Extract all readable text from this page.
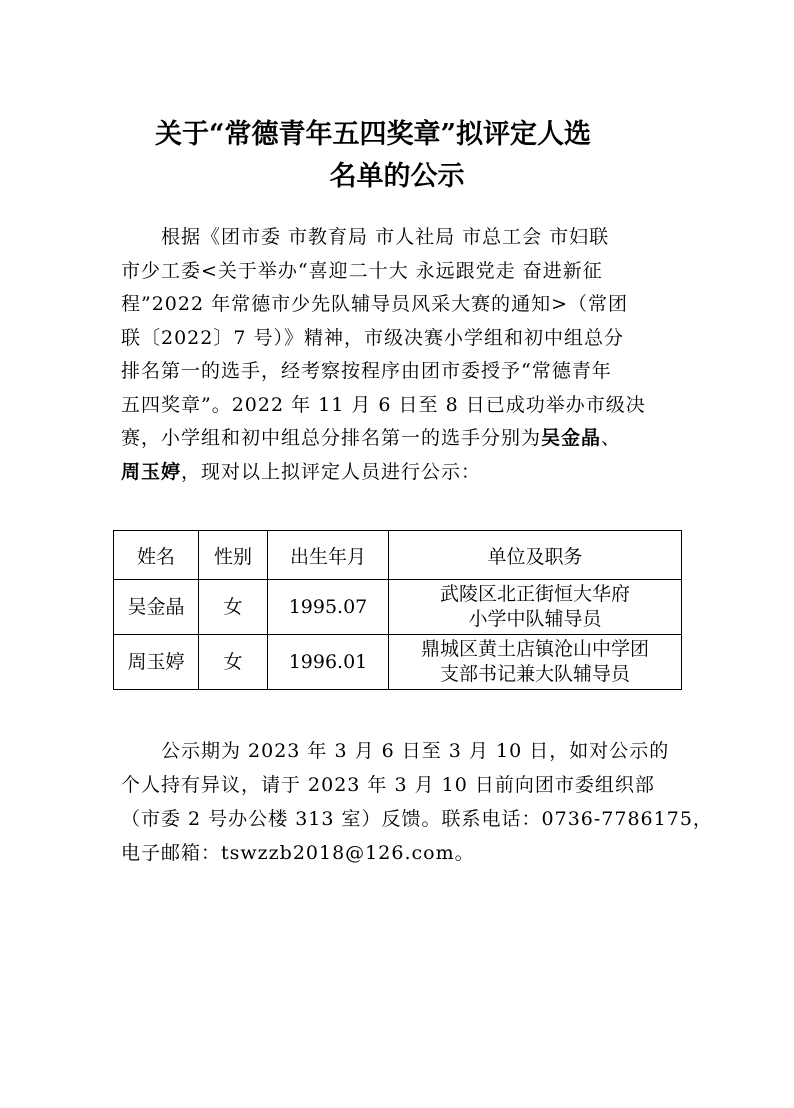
关于“常德青年五四奖章”拟评定人选
名单的公示
　　根据《团市委 市教育局 市人社局 市总工会 市妇联
市少工委<关于举办“喜迎二十大 永远跟党走 奋进新征
程”2022 年常德市少先队辅导员风采大赛的通知>（常团
联〔2022〕7 号）》精神，市级决赛小学组和初中组总分
排名第一的选手，经考察按程序由团市委授予“常德青年
五四奖章”。2022 年 11 月 6 日至 8 日已成功举办市级决
赛，小学组和初中组总分排名第一的选手分别为吴金晶、
周玉婷，现对以上拟评定人员进行公示：
姓名	性别	出生年月	单位及职务
吴金晶	女	1995.07	武陵区北正街恒大华府
小学中队辅导员

周玉婷	女	1996.01	鼎城区黄土店镇沧山中学团
支部书记兼大队辅导员
　　公示期为 2023 年 3 月 6 日至 3 月 10 日，如对公示的
个人持有异议，请于 2023 年 3 月 10 日前向团市委组织部
（市委 2 号办公楼 313 室）反馈。联系电话：0736-7786175，
电子邮箱：tswzzb2018@126.com。
